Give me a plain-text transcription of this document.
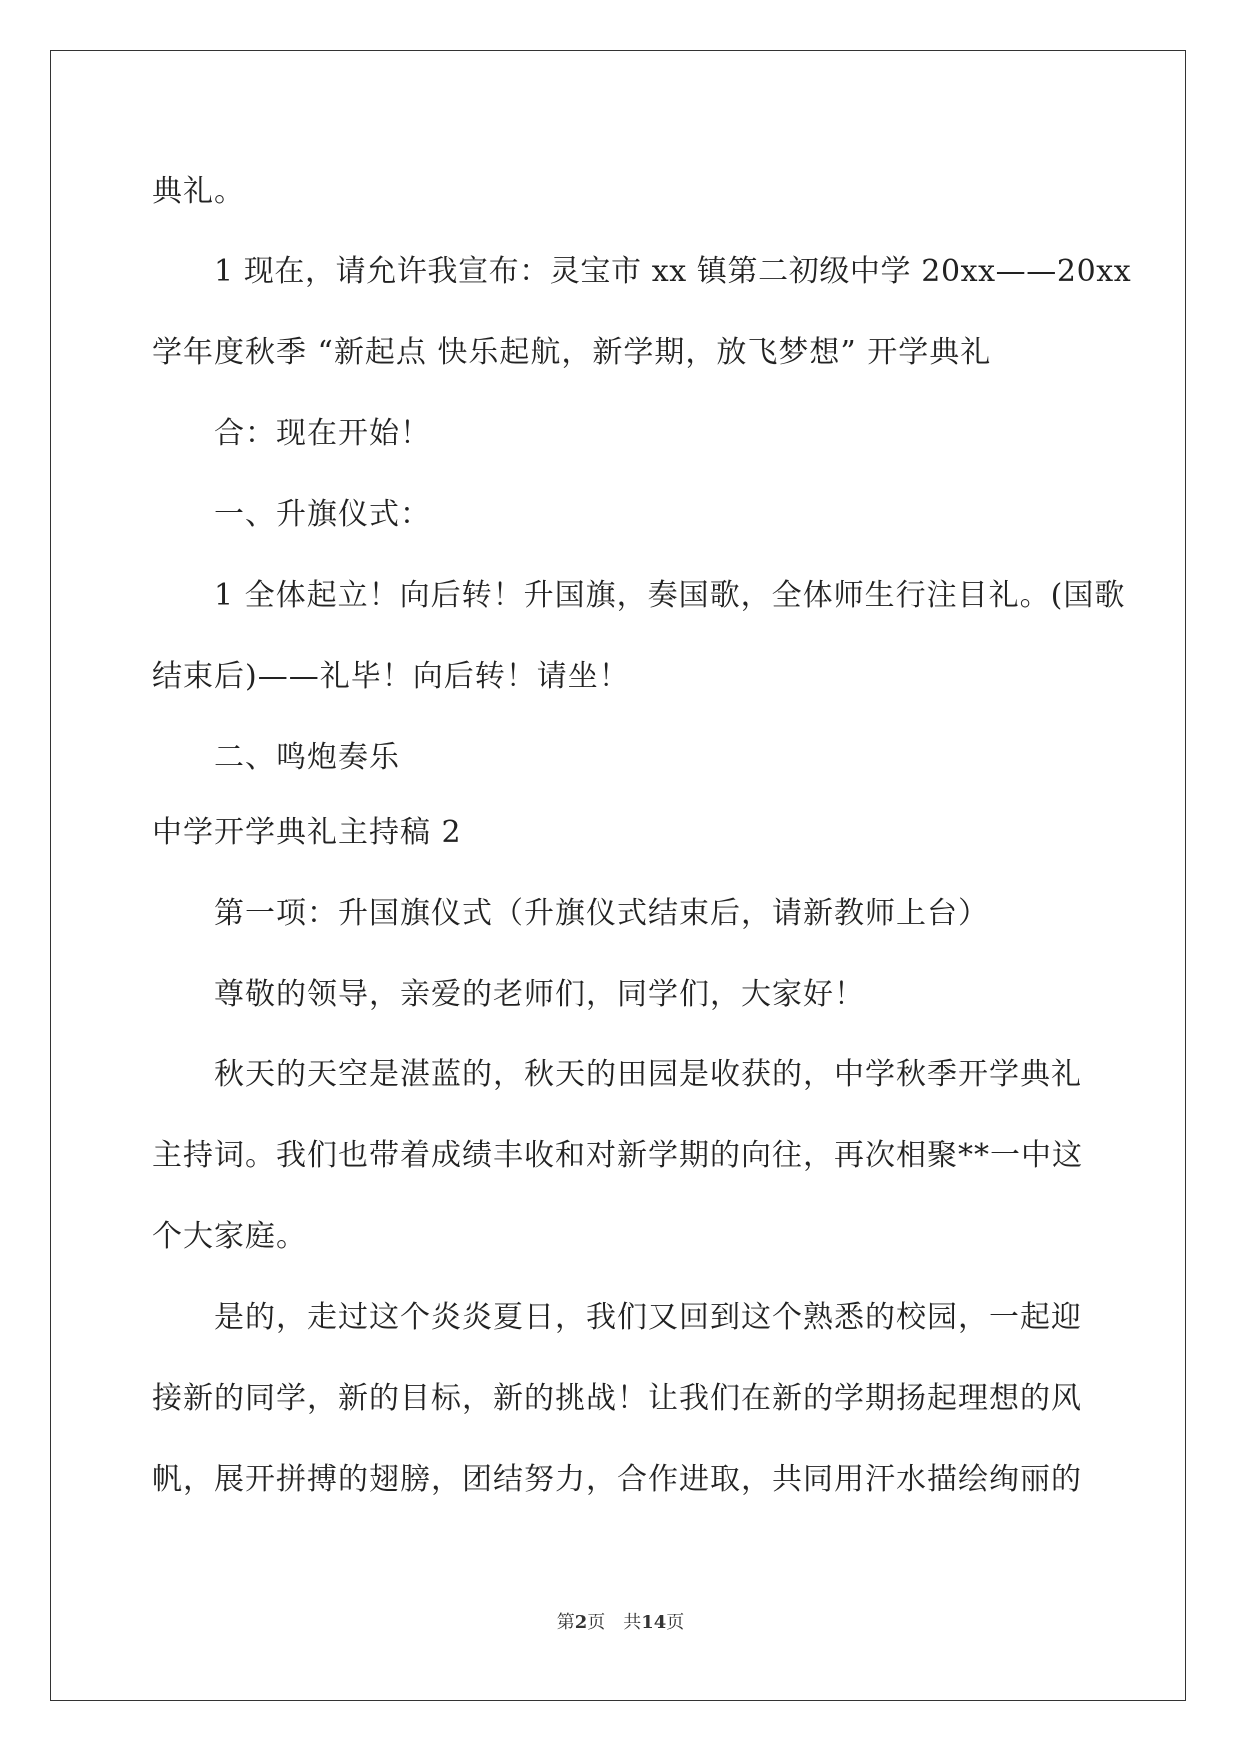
典礼。
1 现在，请允许我宣布：灵宝市 xx 镇第二初级中学 20xx——20xx
学年度秋季 “新起点 快乐起航，新学期，放飞梦想” 开学典礼
合：现在开始！
一、升旗仪式：
1 全体起立！向后转！升国旗，奏国歌，全体师生行注目礼。(国歌
结束后)——礼毕！向后转！请坐！
二、鸣炮奏乐
中学开学典礼主持稿 2
第一项：升国旗仪式（升旗仪式结束后，请新教师上台）
尊敬的领导，亲爱的老师们，同学们，大家好！
秋天的天空是湛蓝的，秋天的田园是收获的，中学秋季开学典礼
主持词。我们也带着成绩丰收和对新学期的向往，再次相聚**一中这
个大家庭。
是的，走过这个炎炎夏日，我们又回到这个熟悉的校园，一起迎
接新的同学，新的目标，新的挑战！让我们在新的学期扬起理想的风
帆，展开拼搏的翅膀，团结努力，合作进取，共同用汗水描绘绚丽的
第2页　共14页
